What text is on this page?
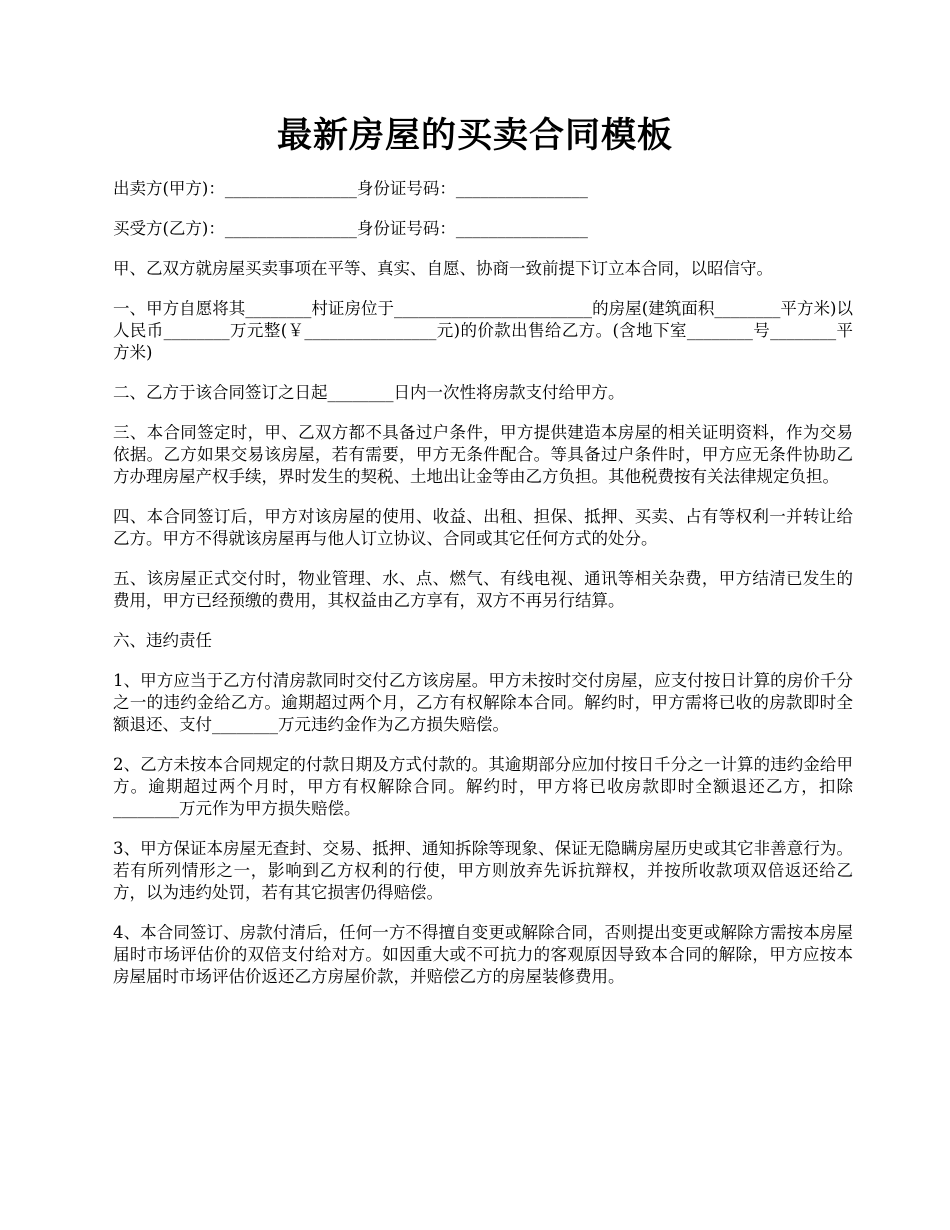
最新房屋的买卖合同模板

出卖方(甲方)：________________身份证号码：________________

买受方(乙方)：________________身份证号码：________________

甲、乙双方就房屋买卖事项在平等、真实、自愿、协商一致前提下订立本合同，以昭信守。

一、甲方自愿将其________村证房位于________________________的房屋(建筑面积________平方米)以人民币________万元整(￥________________元)的价款出售给乙方。(含地下室________号________平方米)

二、乙方于该合同签订之日起________日内一次性将房款支付给甲方。

三、本合同签定时，甲、乙双方都不具备过户条件，甲方提供建造本房屋的相关证明资料，作为交易依据。乙方如果交易该房屋，若有需要，甲方无条件配合。等具备过户条件时，甲方应无条件协助乙方办理房屋产权手续，界时发生的契税、土地出让金等由乙方负担。其他税费按有关法律规定负担。

四、本合同签订后，甲方对该房屋的使用、收益、出租、担保、抵押、买卖、占有等权利一并转让给乙方。甲方不得就该房屋再与他人订立协议、合同或其它任何方式的处分。

五、该房屋正式交付时，物业管理、水、点、燃气、有线电视、通讯等相关杂费，甲方结清已发生的费用，甲方已经预缴的费用，其权益由乙方享有，双方不再另行结算。

六、违约责任

1、甲方应当于乙方付清房款同时交付乙方该房屋。甲方未按时交付房屋，应支付按日计算的房价千分之一的违约金给乙方。逾期超过两个月，乙方有权解除本合同。解约时，甲方需将已收的房款即时全额退还、支付________万元违约金作为乙方损失赔偿。

2、乙方未按本合同规定的付款日期及方式付款的。其逾期部分应加付按日千分之一计算的违约金给甲方。逾期超过两个月时，甲方有权解除合同。解约时，甲方将已收房款即时全额退还乙方，扣除________万元作为甲方损失赔偿。

3、甲方保证本房屋无查封、交易、抵押、通知拆除等现象、保证无隐瞒房屋历史或其它非善意行为。若有所列情形之一，影响到乙方权利的行使，甲方则放弃先诉抗辩权，并按所收款项双倍返还给乙方，以为违约处罚，若有其它损害仍得赔偿。

4、本合同签订、房款付清后，任何一方不得擅自变更或解除合同，否则提出变更或解除方需按本房屋届时市场评估价的双倍支付给对方。如因重大或不可抗力的客观原因导致本合同的解除，甲方应按本房屋届时市场评估价返还乙方房屋价款，并赔偿乙方的房屋装修费用。
